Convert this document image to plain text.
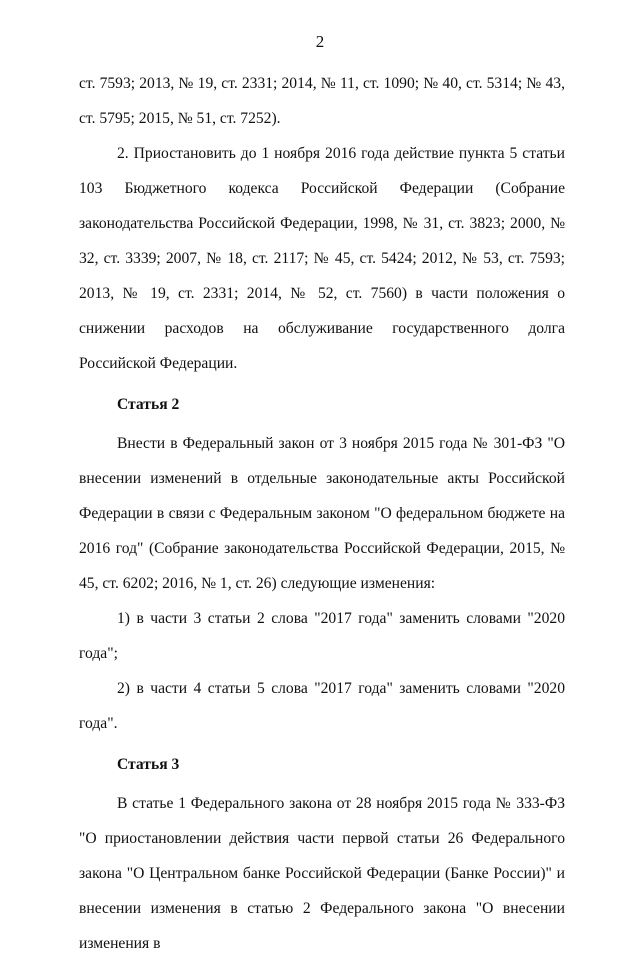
2

ст. 7593; 2013, № 19, ст. 2331; 2014, № 11, ст. 1090; № 40, ст. 5314; № 43, ст. 5795; 2015, № 51, ст. 7252).

2. Приостановить до 1 ноября 2016 года действие пункта 5 статьи 103 Бюджетного кодекса Российской Федерации (Собрание законодательства Российской Федерации, 1998, № 31, ст. 3823; 2000, № 32, ст. 3339; 2007, № 18, ст. 2117; № 45, ст. 5424; 2012, № 53, ст. 7593; 2013, № 19, ст. 2331; 2014, № 52, ст. 7560) в части положения о снижении расходов на обслуживание государственного долга Российской Федерации.

Статья 2

Внести в Федеральный закон от 3 ноября 2015 года № 301-ФЗ "О внесении изменений в отдельные законодательные акты Российской Федерации в связи с Федеральным законом "О федеральном бюджете на 2016 год" (Собрание законодательства Российской Федерации, 2015, № 45, ст. 6202; 2016, № 1, ст. 26) следующие изменения:

1) в части 3 статьи 2 слова "2017 года" заменить словами "2020 года";

2) в части 4 статьи 5 слова "2017 года" заменить словами "2020 года".

Статья 3

В статье 1 Федерального закона от 28 ноября 2015 года № 333-ФЗ "О приостановлении действия части первой статьи 26 Федерального закона "О Центральном банке Российской Федерации (Банке России)" и внесении изменения в статью 2 Федерального закона "О внесении изменения в
